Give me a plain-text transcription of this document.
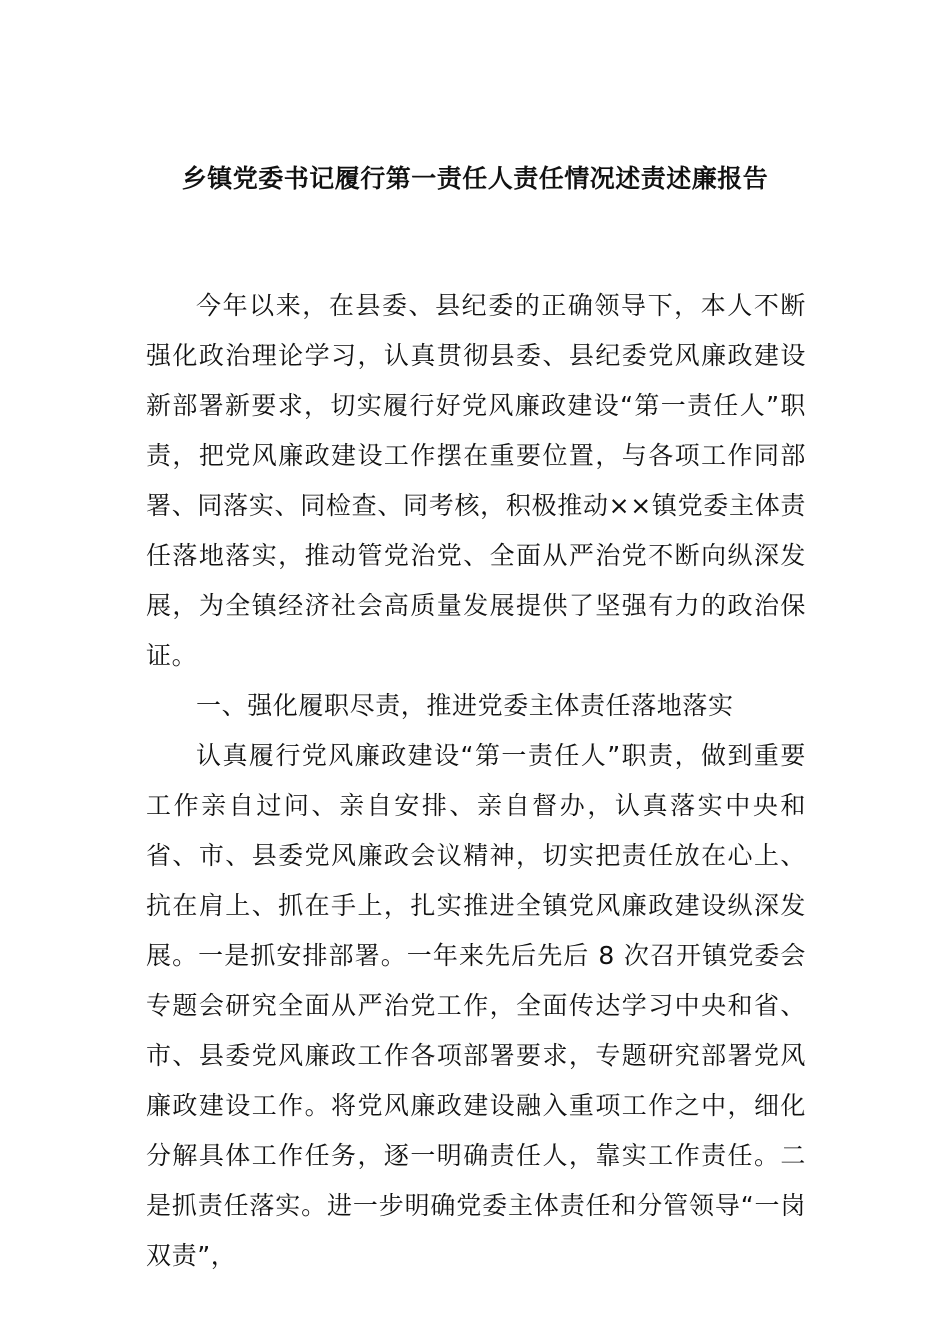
乡镇党委书记履行第一责任人责任情况述责述廉报告

今年以来，在县委、县纪委的正确领导下，本人不断强化政治理论学习，认真贯彻县委、县纪委党风廉政建设新部署新要求，切实履行好党风廉政建设“第一责任人”职责，把党风廉政建设工作摆在重要位置，与各项工作同部署、同落实、同检查、同考核，积极推动××镇党委主体责任落地落实，推动管党治党、全面从严治党不断向纵深发展，为全镇经济社会高质量发展提供了坚强有力的政治保证。

一、强化履职尽责，推进党委主体责任落地落实

认真履行党风廉政建设“第一责任人”职责，做到重要工作亲自过问、亲自安排、亲自督办，认真落实中央和省、市、县委党风廉政会议精神，切实把责任放在心上、抗在肩上、抓在手上，扎实推进全镇党风廉政建设纵深发展。一是抓安排部署。一年来先后先后 8 次召开镇党委会专题会研究全面从严治党工作，全面传达学习中央和省、市、县委党风廉政工作各项部署要求，专题研究部署党风廉政建设工作。将党风廉政建设融入重项工作之中，细化分解具体工作任务，逐一明确责任人，靠实工作责任。二是抓责任落实。进一步明确党委主体责任和分管领导“一岗双责”，
